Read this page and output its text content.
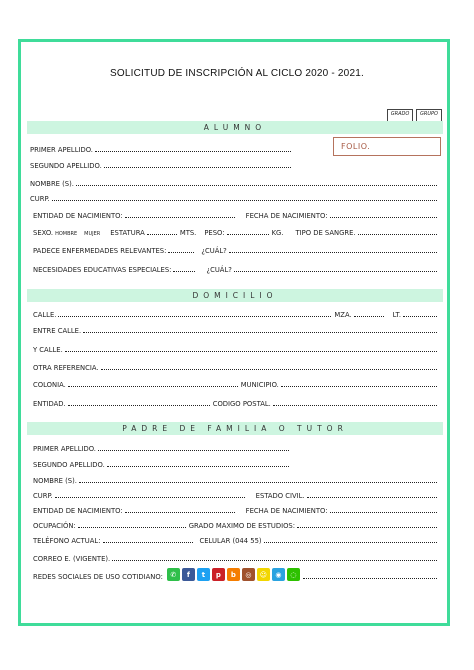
SOLICITUD DE INSCRIPCIÓN AL CICLO 2020 - 2021.
GRADO	GRUPO
ALUMNO
FOLIO.
PRIMER APELLIDO.
SEGUNDO APELLIDO.
NOMBRE (S).
CURP.
ENTIDAD DE NACIMIENTO:	FECHA DE NACIMIENTO:
SEXO. HOMBRE	MUJER ESTATURA	MTS. PESO:	KG. TIPO DE SANGRE.
PADECE ENFERMEDADES RELEVANTES:	¿CUÁL?
NECESIDADES EDUCATIVAS ESPECIALES:	¿CUÁL?
DOMICILIO
CALLE.	MZA.	LT.
ENTRE CALLE.
Y CALLE.
OTRA REFERENCIA.
COLONIA.	MUNICIPIO.
ENTIDAD.	CODIGO POSTAL.
PADRE DE FAMILIA O TUTOR
PRIMER APELLIDO.
SEGUNDO APELLIDO.
NOMBRE (S).
CURP.	ESTADO CIVIL.
ENTIDAD DE NACIMIENTO:	FECHA DE NACIMIENTO:
OCUPACIÓN:	GRADO MAXIMO DE ESTUDIOS:
TELÉFONO ACTUAL:	CELULAR (044 55)
CORREO E. (VIGENTE).
REDES SOCIALES DE USO COTIDIANO:	✆	f	t	p	b	◎	☺	◉	◌
